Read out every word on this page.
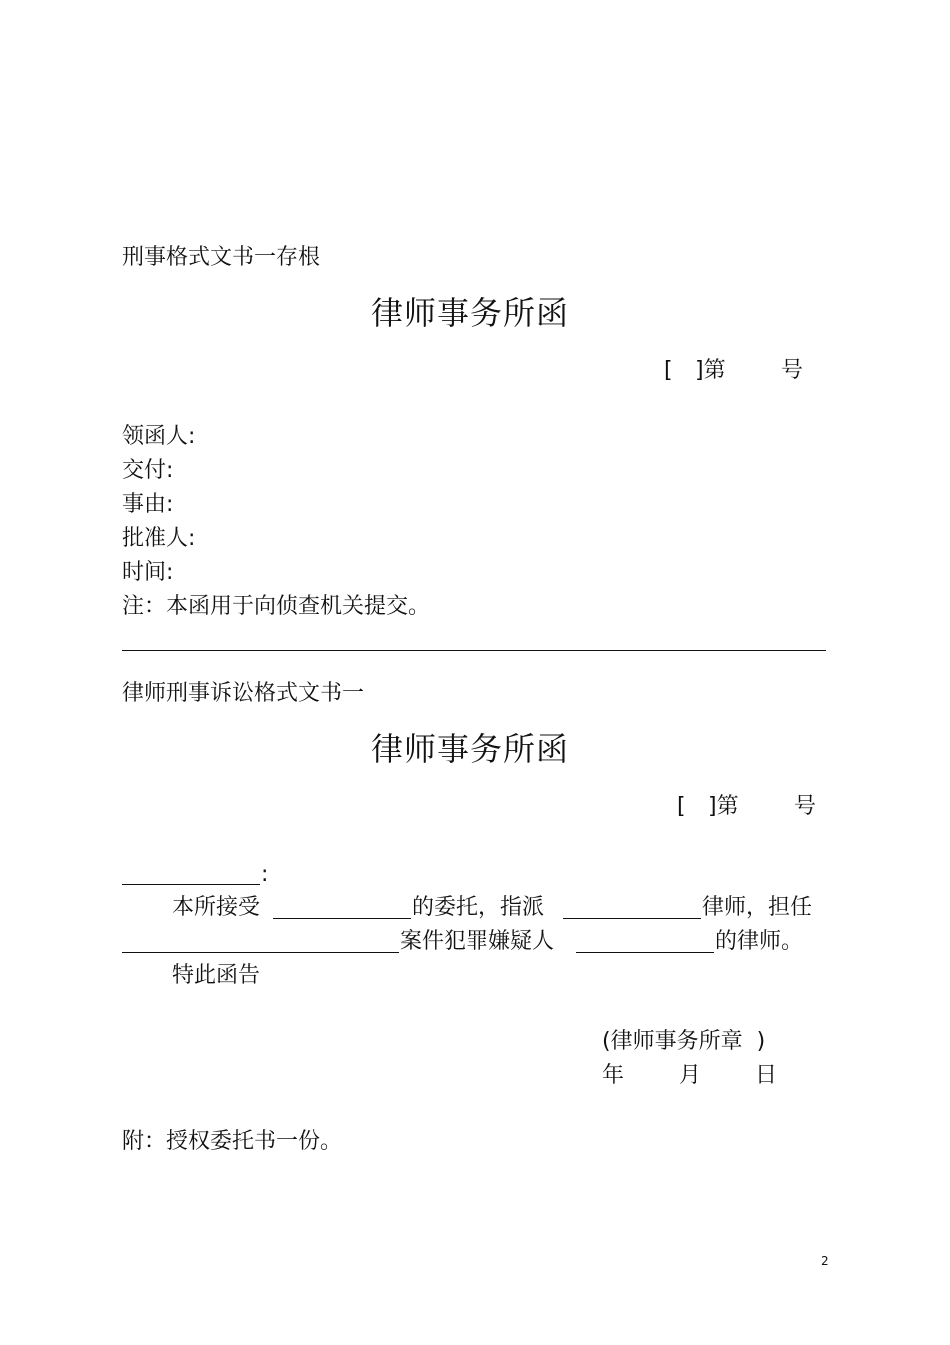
刑事格式文书一存根
律师事务所函
[ ]第	号
领函人:
交付:
事由:
批准人:
时间:
注：本函用于向侦查机关提交。
律师刑事诉讼格式文书一
律师事务所函
[ ]第	号
:
本所接受	的委托，指派	律师，担任
案件犯罪嫌疑人	的律师。
特此函告
(律师事务所章  )
年 月 日
附：授权委托书一份。
2
